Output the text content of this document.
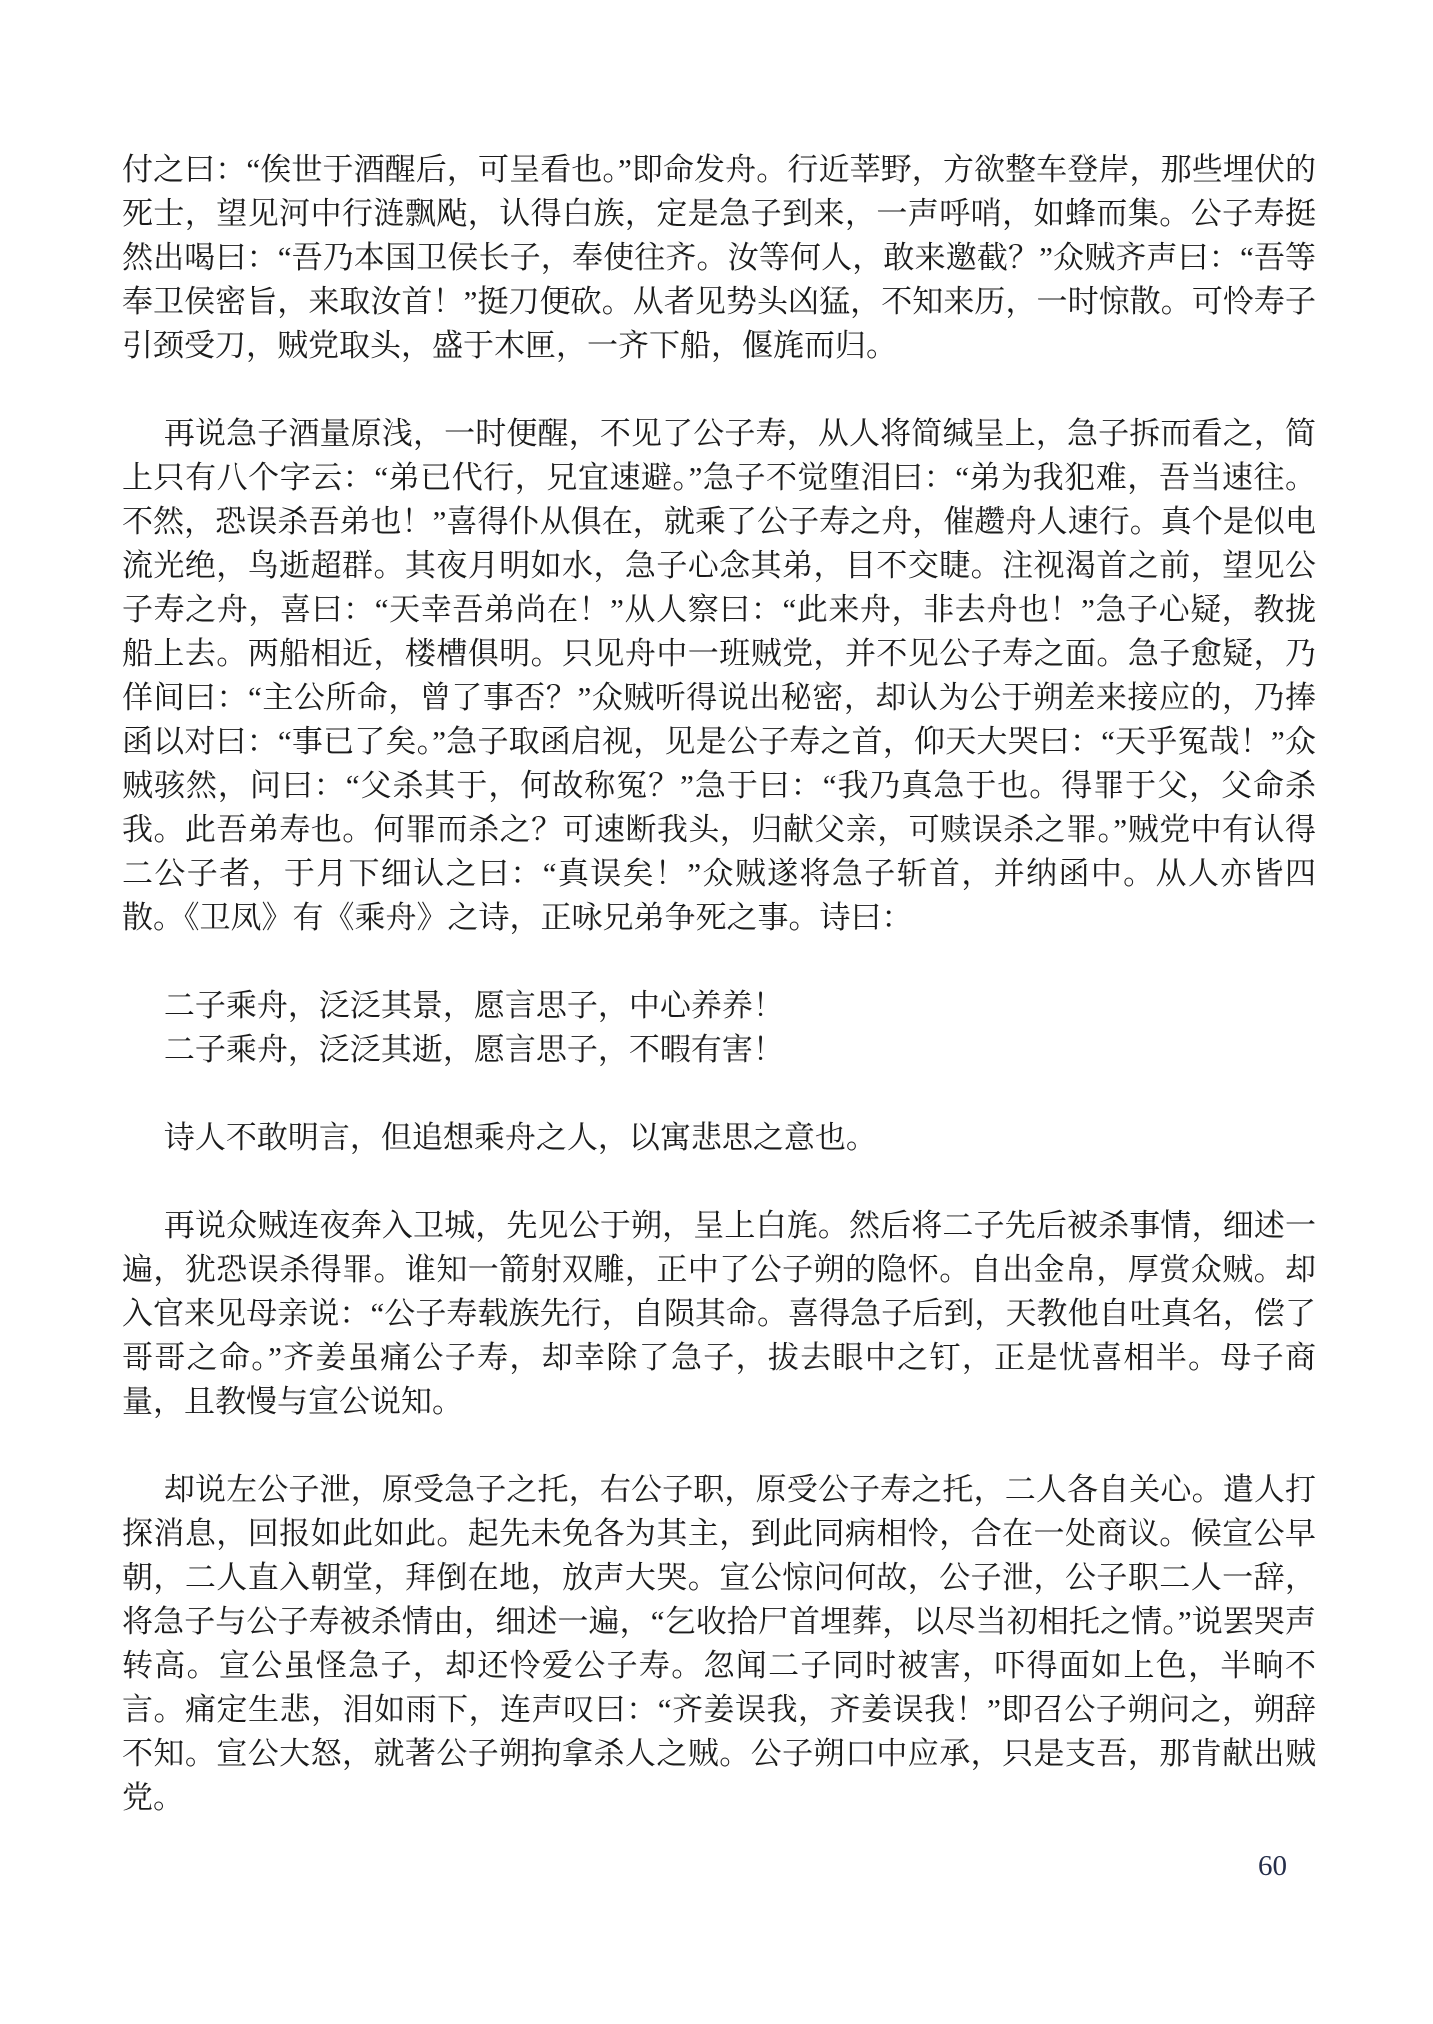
付之曰：“俟世于酒醒后，可呈看也。”即命发舟。行近莘野，方欲整车登岸，那些埋伏的死士，望见河中行涟飘飐，认得白族，定是急子到来，一声呼哨，如蜂而集。公子寿挺然出喝曰：“吾乃本国卫侯长子，奉使往齐。汝等何人，敢来邀截？”众贼齐声曰：“吾等奉卫侯密旨，来取汝首！”挺刀便砍。从者见势头凶猛，不知来历，一时惊散。可怜寿子引颈受刀，贼党取头，盛于木匣，一齐下船，偃旄而归。

再说急子酒量原浅，一时便醒，不见了公子寿，从人将简缄呈上，急子拆而看之，简上只有八个字云：“弟已代行，兄宜速避。”急子不觉堕泪曰：“弟为我犯难，吾当速往。不然，恐误杀吾弟也！”喜得仆从俱在，就乘了公子寿之舟，催趱舟人速行。真个是似电流光绝，鸟逝超群。其夜月明如水，急子心念其弟，目不交睫。注视渴首之前，望见公子寿之舟，喜曰：“天幸吾弟尚在！”从人察曰：“此来舟，非去舟也！”急子心疑，教拢船上去。两船相近，楼槽俱明。只见舟中一班贼党，并不见公子寿之面。急子愈疑，乃佯间曰：“主公所命，曾了事否？”众贼听得说出秘密，却认为公于朔差来接应的，乃捧函以对曰：“事已了矣。”急子取函启视，见是公子寿之首，仰天大哭曰：“天乎冤哉！”众贼骇然，问曰：“父杀其于，何故称冤？”急于曰：“我乃真急于也。得罪于父，父命杀我。此吾弟寿也。何罪而杀之？可速断我头，归献父亲，可赎误杀之罪。”贼党中有认得二公子者，于月下细认之曰：“真误矣！”众贼遂将急子斩首，并纳函中。从人亦皆四散。《卫凤》有《乘舟》之诗，正咏兄弟争死之事。诗曰：

二子乘舟，泛泛其景，愿言思子，中心养养！
二子乘舟，泛泛其逝，愿言思子，不暇有害！

诗人不敢明言，但追想乘舟之人，以寓悲思之意也。

再说众贼连夜奔入卫城，先见公于朔，呈上白旄。然后将二子先后被杀事情，细述一遍，犹恐误杀得罪。谁知一箭射双雕，正中了公子朔的隐怀。自出金帛，厚赏众贼。却入官来见母亲说：“公子寿载族先行，自陨其命。喜得急子后到，天教他自吐真名，偿了哥哥之命。”齐姜虽痛公子寿，却幸除了急子，拔去眼中之钉，正是忧喜相半。母子商量，且教慢与宣公说知。

却说左公子泄，原受急子之托，右公子职，原受公子寿之托，二人各自关心。遣人打探消息，回报如此如此。起先未免各为其主，到此同病相怜，合在一处商议。候宣公早朝，二人直入朝堂，拜倒在地，放声大哭。宣公惊问何故，公子泄，公子职二人一辞，将急子与公子寿被杀情由，细述一遍，“乞收拾尸首埋葬，以尽当初相托之情。”说罢哭声转高。宣公虽怪急子，却还怜爱公子寿。忽闻二子同时被害，吓得面如上色，半晌不言。痛定生悲，泪如雨下，连声叹曰：“齐姜误我，齐姜误我！”即召公子朔问之，朔辞不知。宣公大怒，就著公子朔拘拿杀人之贼。公子朔口中应承，只是支吾，那肯献出贼党。

60
